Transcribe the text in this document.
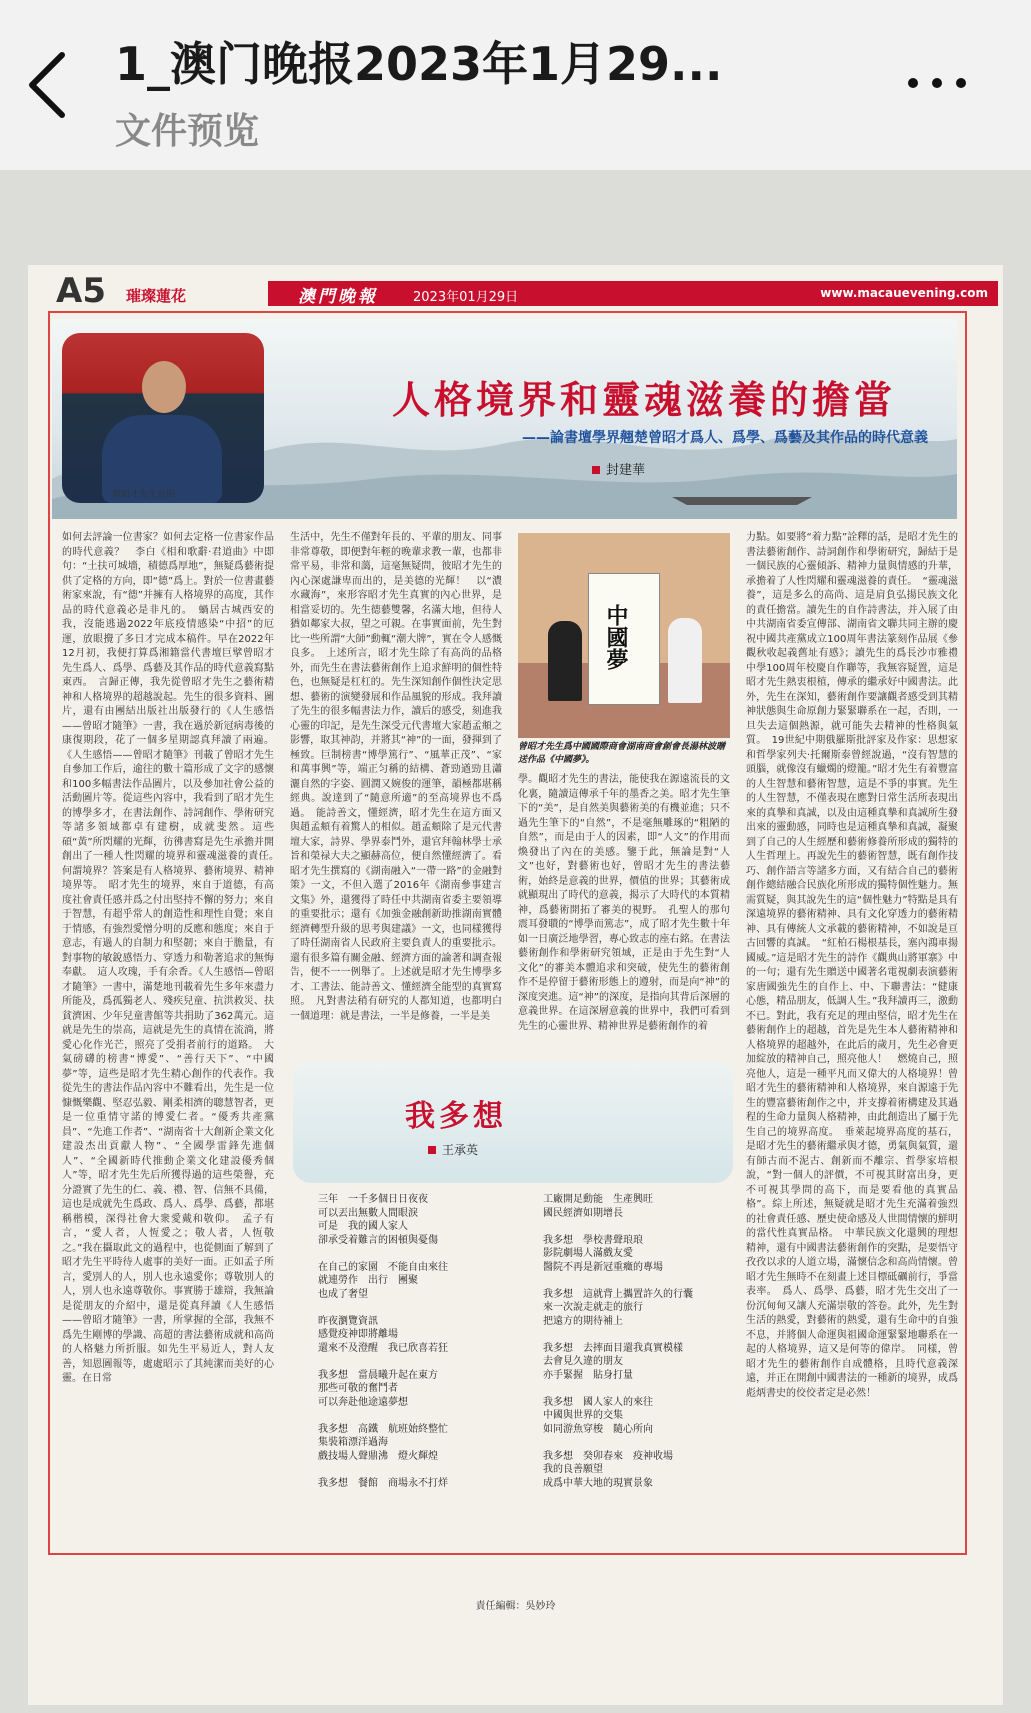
1_澳门晚报2023年1月29...
文件预览
A5 璀璨蓮花	澳門晚報	2023年01月29日	www.macauevening.com
曾昭才先生近照
人格境界和靈魂滋養的擔當
——論書壇學界翹楚曾昭才爲人、爲學、爲藝及其作品的時代意義
封建華
如何去評論一位書家？如何去定格一位書家作品的時代意義？　李白《相和歌辭·君道曲》中即句：“土扶可城墻，積德爲厚地”，無疑爲藝術提供了定格的方向，即“德”爲上。對於一位書畫藝術家來說，有“德”并擁有人格境界的高度，其作品的時代意義必是非凡的。　蝸居古城西安的我，沒能逃過2022年底疫情感染“中招”的厄運，放眼攪了多日才完成本稿件。早在2022年12月初，我便打算爲湘籍當代書壇巨擘曾昭才先生爲人、爲學、爲藝及其作品的時代意義寫點東西。　言歸正傳，我先從曾昭才先生之藝術精神和人格境界的超越說起。先生的很多資料、圖片，還有由團結出版社出版發行的《人生感悟——曾昭才隨筆》一書，我在過於新冠病毒後的康復期段，花了一個多星期認真拜讀了兩遍。《人生感悟——曾昭才隨筆》刊載了曾昭才先生自參加工作后，逾往的數十篇形成了文字的感懷和100多幅書法作品圖片，以及參加社會公益的活動圖片等。從這些內容中，我看到了昭才先生的博學多才，在書法創作、詩詞創作、學術研究等諸多領域都卓有建樹，成就斐然。這些碩“黃”所閃耀的光輝，彷彿書寫是先生承擔并開創出了一種人性閃耀的境界和靈魂滋養的責任。　何謂境界？答案是有人格境界、藝術境界、精神境界等。　昭才先生的境界，來自于道德，有高度社會責任感并爲之付出堅持不懈的努力；來自于智慧，有超乎常人的創造性和理性自覺；來自于情感，有強烈愛憎分明的反應和態度；來自于意志，有過人的自制力和堅韌；來自于膽量，有對事物的敏銳感悟力、穿透力和勒著追求的無悔奉獻。　這人攻瑰，手有余香。《人生感悟—曾昭才隨筆》一書中，滿楚地刊載着先生多年來盡力所能及，爲孤獨老人、殘疾兒童、抗洪救災、扶貧濟困、少年兒童書館等共捐助了362萬元。這就是先生的崇高，這就是先生的真情在流淌，將愛心化作光芒，照亮了受捐者前行的道路。　大氣磅礴的榜書“博愛”、“善行天下”、“中國夢”等，這些是昭才先生精心創作的代表作。我從先生的書法作品內容中不難看出，先生是一位慷慨樂觀、堅忍弘毅、剛柔相濟的聰慧智者，更是一位重情守諾的博愛仁者。“優秀共產黨員”、“先進工作者”、“湖南省十大創新企業文化建設杰出貢獻人物”、“全國學雷鋒先進個人”、“全國新時代推動企業文化建設優秀個人”等，昭才先生先后所獲得過的這些榮譽，充分證實了先生的仁、義、禮、智、信無不具備，這也是成就先生爲政、爲人、爲學、爲藝，都堪稱楷模，深得社會大衆愛戴和敬仰。　孟子有言，“愛人者，人恆愛之；敬人者，人恆敬之。”我在攝取此文的過程中，也從側面了解到了昭才先生平時待人處事的美好一面。正如孟子所言，愛別人的人，別人也永遠愛你；尊敬別人的人，別人也永遠尊敬你。事實勝于雄辯，我無論是從朋友的介紹中，還是從真拜讀《人生感悟——曾昭才隨筆》一書，所掌握的全部，我無不爲先生剛博的學識、高超的書法藝術成就和高尚的人格魅力所折服。如先生平易近人，對人友善，知恩圖報等，處處昭示了其純潔而美好的心靈。在日常
生活中，先生不僅對年長的、平輩的朋友、同事非常尊敬，即便對年輕的晚輩求教一輩，也都非常平易，非常和藹，這毫無疑問，彼昭才先生的內心深處謙卑而出的，是美德的光輝！　以“濃水藏海”，來形容昭才先生真實的內心世界，是相當妥切的。先生德藝雙馨，名滿大地，但待人猶如鄰家大叔，望之可親。在事實面前，先生對比一些所謂“大師”動輒“潮大牌”，實在令人感慨良多。　上述所言，昭才先生除了有高尚的品格外，而先生在書法藝術創作上追求鮮明的個性特色，也無疑是杠杠的。先生深知創作個性決定思想、藝術的演變發展和作品風貌的形成。我拜讀了先生的很多幅書法力作，讀后的感受，刻進我心靈的印記，是先生深受元代書壇大家趙孟頫之影響，取其神韵，并將其“神”的一面，發揮到了極致。巨制榜書“博學篤行”、“風華正茂”、“家和萬事興”等，端正匀稱的結構、蒼勁遒勁且瀟灑自然的字姿、圓潤又婉俊的運筆，韻極都堪稱經典。說達到了“隨意所適”的至高境界也不爲過。　能詩善文，懂經濟，昭才先生在這方面又與趙孟頫有着驚人的相似。趙孟頫除了是元代書壇大家，詩界、學界泰鬥外，還官拜翰林學士承旨和榮禄大夫之顯赫高位，便自然懂經濟了。看昭才先生撰寫的《湖南融入“一帶一路”的金融對策》一文，不但入選了2016年《湖南參事建言文集》外，還獲得了時任中共湖南省委主要領導的重要批示；還有《加強金融創新助推湖南實體經濟轉型升級的思考與建議》一文，也同樣獲得了時任湖南省人民政府主要負責人的重要批示。還有很多篇有關金融、經濟方面的論著和調查報告，便不一一例舉了。上述就是昭才先生博學多才、工書法、能詩善文、懂經濟全能型的真實寫照。　凡對書法稍有研究的人都知道，也都明白一個道理：就是書法，一半是修養，一半是美
中國夢
曾昭才先生爲中國國際商會湖南商會創會長湯林波贈送作品《中國夢》。
學。觀昭才先生的書法，能使我在源遠流長的文化裏，隨讀這傳承千年的墨香之美。昭才先生筆下的“美”，是自然美與藝術美的有機並進；只不過先生筆下的“自然”，不是毫無雕琢的“粗陋的自然”，而是由于人的因素，即“人文”的作用而煥發出了內在的美感。鑒于此，無論是對“人文”也好，對藝術也好，曾昭才先生的書法藝術，始終是意義的世界，價值的世界；其藝術成就顯現出了時代的意義，揭示了大時代的本質精神，爲藝術開拓了審美的視野。　孔聖人的那句震耳發聵的“博學而篤志”，成了昭才先生數十年如一日廣泛地學習，專心致志的座右銘。在書法藝術創作和學術研究領域，正是由于先生對“人文化”的審美本體追求和突破，使先生的藝術創作不是停留于藝術形態上的遵射，而是向“神”的深度突進。這“神”的深度，是指向其背后深層的意義世界。在這深層意義的世界中，我們可看到先生的心靈世界、精神世界是藝術創作的着
力點。如要將“着力點”詮釋的話，是昭才先生的書法藝術創作、詩詞創作和學術研究，歸結于是一個民族的心靈傾訴、精神力量與情感的升華，承擔着了人性閃耀和靈魂滋養的責任。　“靈魂滋養”，這是多么的高尚、這是肩負弘揚民族文化的責任擔當。讀先生的自作詩書法，并入展了由中共湖南省委宣傳部、湖南省文聯共同主辦的慶祝中國共產黨成立100周年書法篆刻作品展《參觀秋收起義舊址有感》；讀先生的爲長沙市雅禮中學100周年校慶自作聯等，我無容疑置，這是昭才先生熱衷根植，傳承的繼承好中國書法。此外，先生在深知，藝術創作要讓觀者感受到其精神狀態與生命原創力緊緊聯系在一起，否則，一旦失去這個熱源，就可能失去精神的性格與氣質。　19世紀中期俄羅斯批評家及作家：思想家和哲學家列夫·托爾斯泰曾經說過，“沒有智慧的頭腦，就像沒有蠟燭的燈籠。”昭才先生有着豐富的人生智慧和藝術智慧，這是不爭的事實。先生的人生智慧，不僅表現在應對日常生活所表現出來的真摯和真誠，以及由這種真摯和真誠所生發出來的靈動感，同時也是這種真摯和真誠，凝聚到了自己的人生經歷和藝術修養所形成的獨特的人生哲理上。再說先生的藝術智慧，既有創作技巧、創作語言等諸多方面，又有結合自己的藝術創作總結融合民族化所形成的獨特個性魅力。無需質疑，與其說先生的這“個性魅力”特點是具有深遠境界的藝術精神、具有文化穿透力的藝術精神、具有傳統人文承載的藝術精神，不如說是亘古回響的真誠。　“紅柏石楊根基長，塞內鴻車揚國威。”這是昭才先生的詩作《觀典山將軍寨》中的一句；還有先生贈送中國著名電視劇表演藝術家唐國強先生的自作上、中、下聯書法：“健康心態，精品朋友，低調人生。”我拜讀再三，激動不已。對此，我有充足的理由堅信，昭才先生在藝術創作上的超越，首先是先生本人藝術精神和人格境界的超越外，在此后的歲月，先生必會更加綻放的精神自己，照亮他人！　燃燒自己，照亮他人，這是一種平凡而又偉大的人格境界！曾昭才先生的藝術精神和人格境界，來自源遠于先生的豐富藝術創作之中，并支撐着術構建及其過程的生命力量與人格精神，由此創造出了屬于先生自己的境界高度。　垂萊起境界高度的基石，是昭才先生的藝術繼承與才德，勇氣與氣質，還有師古而不泥古、創新而不離宗、哲學家培根說，“對一個人的評價，不可視其財富出身，更不可視其學問的高下，而是要看他的真實品格”。綜上所述，無疑就是昭才先生充滿着強烈的社會責任感、歷史使命感及人世間情懷的鮮明的當代性真實品格。　中華民族文化還興的理想精神，還有中國書法藝術創作的突點，是要悟守孜孜以求的人道立場，滿懷信念和高尚情懷。曾昭才先生無時不在刻畫上述目標砥礪前行，爭當表率。　爲人、爲學、爲藝，昭才先生交出了一份沉甸甸又讓人充滿崇敬的答卷。此外，先生對生活的熱愛，對藝術的熱愛，還有生命中的自強不息，并將個人命運與祖國命運緊緊地聯系在一起的人格境界，這又是何等的偉岸。　同樣，曾昭才先生的藝術創作自成體格，且時代意義深遠，并正在開創中國書法的一種新的境界，成爲彪炳書史的佼佼者定是必然！
我多想
王承英
三年　一千多個日日夜夜
可以丟出無數人間眼淚
可是　我的國人家人
卻承受着難言的困頓與憂傷

在自己的家園　不能自由來往
就連勞作　出行　團聚
也成了奢望

昨夜瀏覽資訊
感覺疫神即將離場
還來不及澄醒　我已欣喜若狂

我多想　當晨曦升起在東方
那些可敬的奮鬥者
可以奔赴他途遠夢想

我多想　高鐵　航班始終整忙
集裝箱漂洋過海
戲技場人聲鼎沸　燈火輝煌

我多想　餐館　商場永不打烊
工廠開足動能　生產興旺
國民經濟如期增長

我多想　學校書聲琅琅
影院劇場人滿戲友愛
醫院不再是新冠重癥的專場

我多想　這就背上攜置許久的行囊
來一次說走就走的旅行
把遠方的期待補上

我多想　去摔面目還我真實模樣
去會見久違的朋友
亦手緊握　貼身打量

我多想　國人家人的來往
中國與世界的交集
如同游魚穿梭　隨心所向

我多想　癸卯春來　疫神收場
我的良善願望
成爲中華大地的現實景象
責任編輯：吳妙玲
